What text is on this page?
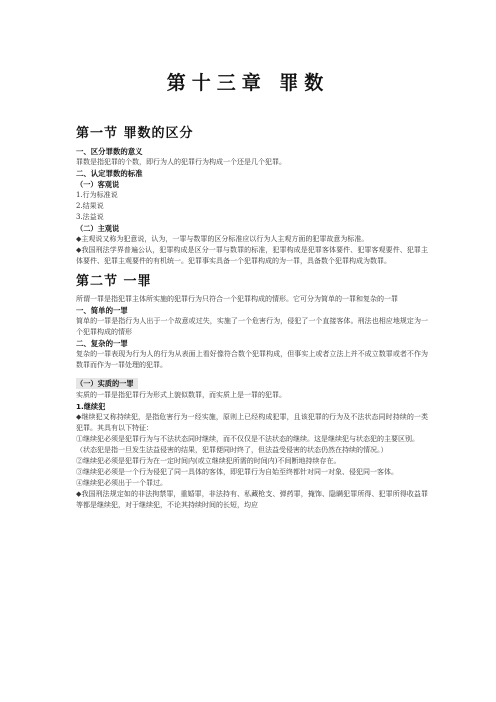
第十三章 罪数
第一节 罪数的区分

一、区分罪数的意义

罪数是指犯罪的个数，即行为人的犯罪行为构成一个还是几个犯罪。

二、认定罪数的标准

（一）客观说

1.行为标准说

2.结果说

3.法益说

（二）主观说

◆主观说又称为犯意说，认为，一罪与数罪的区分标准应以行为人主观方面的犯罪故意为标准。

◆我国刑法学界普遍公认，犯罪构成是区分一罪与数罪的标准，犯罪构成是犯罪客体要件、犯罪客观要件、犯罪主体要件、犯罪主观要件的有机统一。犯罪事实具备一个犯罪构成的为一罪，具备数个犯罪构成为数罪。

第二节 一罪

所谓一罪是指犯罪主体所实施的犯罪行为只符合一个犯罪构成的情形。它可分为简单的一罪和复杂的一罪

一、简单的一罪

简单的一罪是指行为人出于一个故意或过失，实施了一个危害行为，侵犯了一个直接客体。刑法也相应地规定为一个犯罪构成的情形

二、复杂的一罪

复杂的一罪表现为行为人的行为从表面上看好像符合数个犯罪构成，但事实上或者立法上并不成立数罪或者不作为数罪而作为一罪处理的犯罪。

（一）实质的一罪

实质的一罪是指犯罪行为形式上貌似数罪，而实质上是一罪的犯罪。

1.继续犯

◆继续犯又称持续犯，是指危害行为一经实施，原则上已经构成犯罪，且该犯罪的行为及不法状态同时持续的一类犯罪。其具有以下特征：

①继续犯必须是犯罪行为与不法状态同时继续，而不仅仅是不法状态的继续。这是继续犯与状态犯的主要区别。

（状态犯是指一旦发生法益侵害的结果，犯罪便同时终了，但法益受侵害的状态仍然在持续的情况。）

②继续犯必须是犯罪行为在一定时间内(或立继续犯所需的时间内)不间断地持续存在。

③继续犯必须是一个行为侵犯了同一具体的客体，即犯罪行为自始至终都针对同一对象、侵犯同一客体。

④继续犯必须出于一个罪过。

◆我国刑法规定如的非法拘禁罪，重婚罪，非法持有、私藏枪支、弹药罪，掩饰、隐瞒犯罪所得、犯罪所得收益罪等都是继续犯，对于继续犯，不论其持续时间的长短，均应
